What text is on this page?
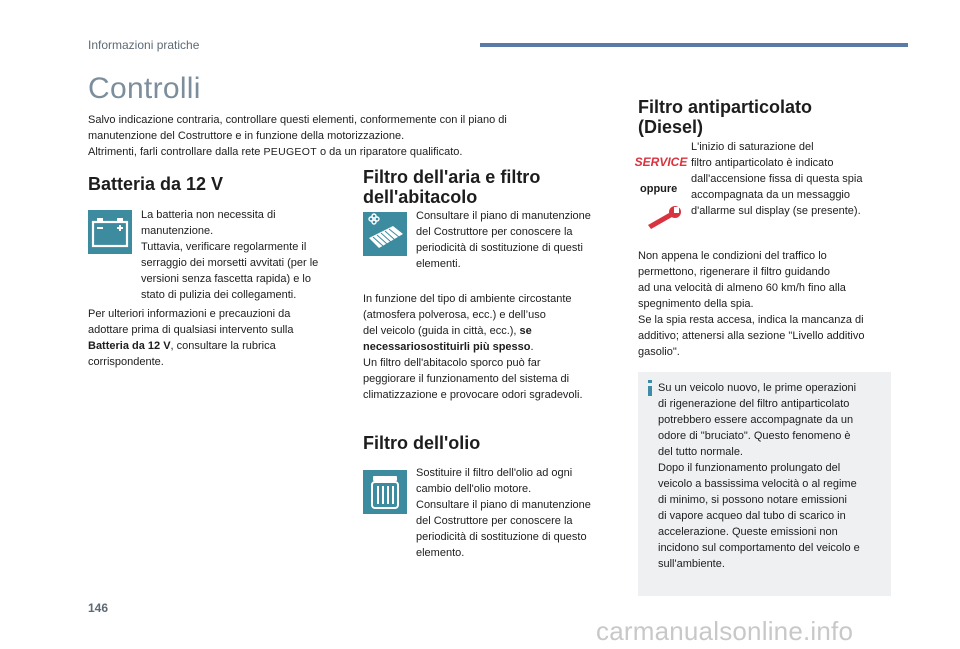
Informazioni pratiche
Controlli
Salvo indicazione contraria, controllare questi elementi, conformemente con il piano di
manutenzione del Costruttore e in funzione della motorizzazione.
Altrimenti, farli controllare dalla rete PEUGEOT o da un riparatore qualificato.
Batteria da 12 V
La batteria non necessita di
manutenzione.
Tuttavia, verificare regolarmente il
serraggio dei morsetti avvitati (per le
versioni senza fascetta rapida) e lo
stato di pulizia dei collegamenti.
Per ulteriori informazioni e precauzioni da
adottare prima di qualsiasi intervento sulla
Batteria da 12 V, consultare la rubrica
corrispondente.
Filtro dell'aria e filtro
dell'abitacolo
Consultare il piano di manutenzione
del Costruttore per conoscere la
periodicità di sostituzione di questi
elementi.
In funzione del tipo di ambiente circostante
(atmosfera polverosa, ecc.) e dell’uso
del veicolo (guida in città, ecc.), se
necessariosostituirli più spesso.
Un filtro dell'abitacolo sporco può far
peggiorare il funzionamento del sistema di
climatizzazione e provocare odori sgradevoli.
Filtro dell'olio
Sostituire il filtro dell'olio ad ogni
cambio dell'olio motore.
Consultare il piano di manutenzione
del Costruttore per conoscere la
periodicità di sostituzione di questo
elemento.
Filtro antiparticolato
(Diesel)
SERVICE
oppure
L'inizio di saturazione del
filtro antiparticolato è indicato
dall'accensione fissa di questa spia
accompagnata da un messaggio
d'allarme sul display (se presente).
Non appena le condizioni del traffico lo
permettono, rigenerare il filtro guidando
ad una velocità di almeno 60 km/h fino alla
spegnimento della spia.
Se la spia resta accesa, indica la mancanza di
additivo; attenersi alla sezione "Livello additivo
gasolio".
Su un veicolo nuovo, le prime operazioni
di rigenerazione del filtro antiparticolato
potrebbero essere accompagnate da un
odore di "bruciato". Questo fenomeno è
del tutto normale.
Dopo il funzionamento prolungato del
veicolo a bassissima velocità o al regime
di minimo, si possono notare emissioni
di vapore acqueo dal tubo di scarico in
accelerazione. Queste emissioni non
incidono sul comportamento del veicolo e
sull'ambiente.
146
carmanualsonline.info
